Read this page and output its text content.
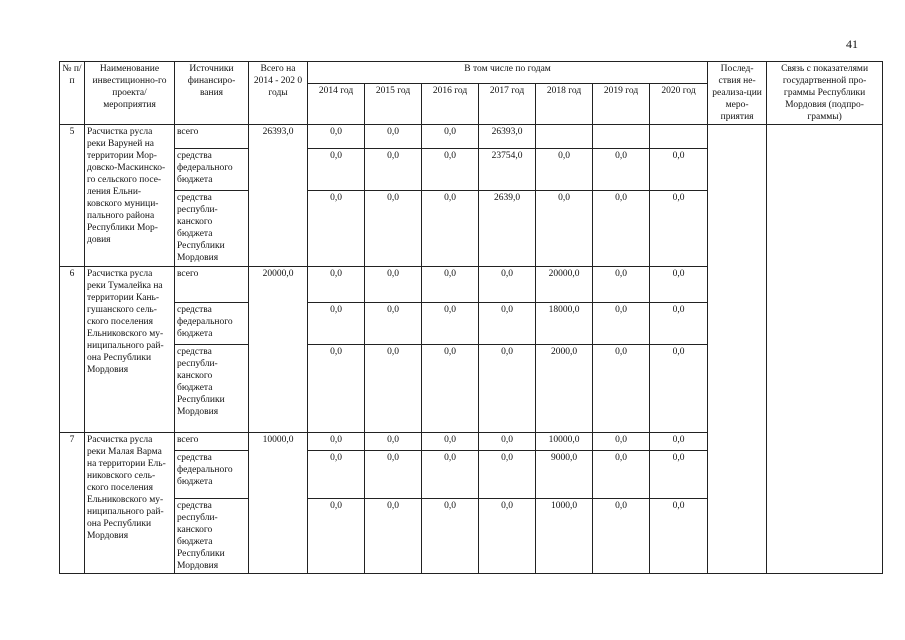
41
№ п/п	Наименование инвестиционно-го проекта/ мероприятия	Источники финансиро-вания	Всего на 2014 - 202 0 годы	В том числе по годам							Послед-ствия не-реализа-ции меро-приятия	Связь с показателями государтвенной про-граммы Республики Мордовия (подпро-граммы)
				2014 год	2015 год	2016 год	2017 год	2018 год	2019 год	2020 год		
5	Расчистка русла реки Варуней на территории Мор-довско-Маскинско-го сельского посе-ления Ельни-ковского муници-пального района Республики Мор-довия	всего	26393,0	0,0	0,0	0,0	26393,0					
		средства федерального бюджета		0,0	0,0	0,0	23754,0	0,0	0,0	0,0		
		средства республи-канского бюджета Республики Мордовия		0,0	0,0	0,0	2639,0	0,0	0,0	0,0		
6	Расчистка русла реки Тумалейка на территории Кань-гушанского сель-ского поселения Ельниковского му-ниципального рай-она Республики Мордовия	всего	20000,0	0,0	0,0	0,0	0,0	20000,0	0,0	0,0		
		средства федерального бюджета		0,0	0,0	0,0	0,0	18000,0	0,0	0,0		
		средства республи-канского бюджета Республики Мордовия		0,0	0,0	0,0	0,0	2000,0	0,0	0,0		
7	Расчистка русла реки Малая Варма на территории Ель-никовского сель-ского поселения Ельниковского му-ниципального рай-она Республики Мордовия	всего	10000,0	0,0	0,0	0,0	0,0	10000,0	0,0	0,0		
		средства федерального бюджета		0,0	0,0	0,0	0,0	9000,0	0,0	0,0		
		средства республи-канского бюджета Республики Мордовия		0,0	0,0	0,0	0,0	1000,0	0,0	0,0		
